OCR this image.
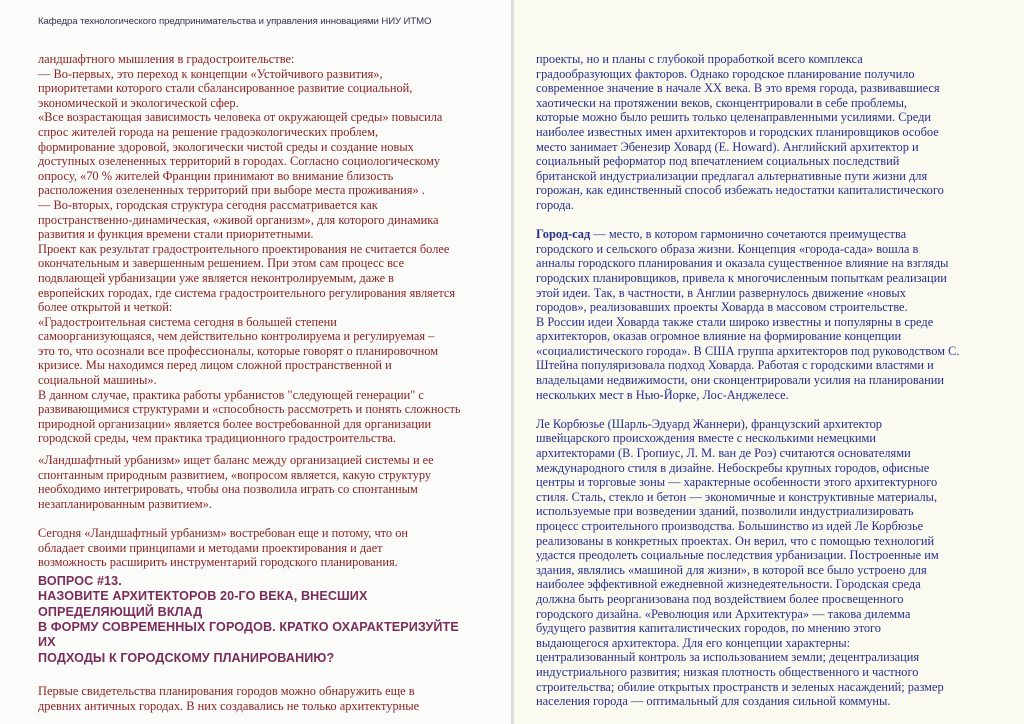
Кафедра технологического предпринимательства и управления инновациями НИУ ИТМО

ландшафтного мышления в градостроительстве:

— Во-первых, это переход к концепции «Устойчивого развития»,

приоритетами которого стали сбалансированное развитие социальной,

экономической и экологической сфер.

«Все возрастающая зависимость человека от окружающей среды» повысила

спрос жителей города на решение градоэкологических проблем,

формирование здоровой, экологически чистой среды и создание новых

доступных озелененных территорий в городах. Согласно социологическому

опросу, «70 % жителей Франции принимают во внимание близость

расположения озелененных территорий при выборе места проживания» .

— Во-вторых, городская структура сегодня рассматривается как

пространственно-динамическая, «живой организм», для которого динамика

развития и функция времени стали приоритетными.

Проект как результат градостроительного проектирования не считается более

окончательным и завершенным решением. При этом сам процесс все

подвлающей урбанизации уже является неконтролируемым, даже в

европейских городах, где система градостроительного регулирования является

более открытой и четкой:

«Градостроительная система сегодня в большей степени

самоорганизующаяся, чем действительно контролируема и регулируемая –

это то, что осознали все профессионалы, которые говорят о планировочном

кризисе. Мы находимся перед лицом сложной пространственной и

социальной машины».

В данном случае, практика работы урбанистов "следующей генерации" с

развивающимися структурами и «способность рассмотреть и понять сложность

природной организации» является более востребованной для организации

городской среды, чем практика традиционного градостроительства.

«Ландшафтный урбанизм» ищет баланс между организацией системы и ее

спонтанным природным развитием, «вопросом является, какую структуру

необходимо интегрировать, чтобы она позволила играть со спонтанным

незапланированным развитием».

Сегодня «Ландшафтный урбанизм» востребован еще и потому, что он

обладает своими принципами и методами проектирования и дает

возможность расширить инструментарий городского планирования.

ВОПРОС #13.
НАЗОВИТЕ АРХИТЕКТОРОВ 20-ГО ВЕКА, ВНЕСШИХ ОПРЕДЕЛЯЮЩИЙ ВКЛАД
В ФОРМУ СОВРЕМЕННЫХ ГОРОДОВ. КРАТКО ОХАРАКТЕРИЗУЙТЕ ИХ
ПОДХОДЫ К ГОРОДСКОМУ ПЛАНИРОВАНИЮ?

Первые свидетельства планирования городов можно обнаружить еще в

древних античных городах. В них создавались не только архитектурные

проекты, но и планы с глубокой проработкой всего комплекса

градообразующих факторов. Однако городское планирование получило

современное значение в начале XX века. В это время города, развивавшиеся

хаотически на протяжении веков, сконцентрировали в себе проблемы,

которые можно было решить только целенаправленными усилиями. Среди

наиболее известных имен архитекторов и городских планировщиков особое

место занимает Эбенезир Ховард (E. Howard). Английский архитектор и

социальный реформатор под впечатлением социальных последствий

британской индустриализации предлагал альтернативные пути жизни для

горожан, как единственный способ избежать недостатки капиталистического

города.

Город-сад — место, в котором гармонично сочетаются преимущества

городского и сельского образа жизни. Концепция «города-сада» вошла в

анналы городского планирования и оказала существенное влияние на взгляды

городских планировщиков, привела к многочисленным попыткам реализации

этой идеи. Так, в частности, в Англии развернулось движение «новых

городов», реализовавших проекты Ховарда в массовом строительстве.

В России идеи Ховарда также стали широко известны и популярны в среде

архитекторов, оказав огромное влияние на формирование концепции

«социалистического города». В США группа архитекторов под руководством С.

Штейна популяризовала подход Ховарда. Работая с городскими властями и

владельцами недвижимости, они сконцентрировали усилия на планировании

нескольких мест в Нью-Йорке, Лос-Анджелесе.

Ле Корбюзье (Шарль-Эдуард Жаннери), французский архитектор

швейцарского происхождения вместе с несколькими немецкими

архитекторами (В. Гропиус, Л. М. ван де Роэ) считаются основателями

международного стиля в дизайне. Небоскребы крупных городов, офисные

центры и торговые зоны — характерные особенности этого архитектурного

стиля. Сталь, стекло и бетон — экономичные и конструктивные материалы,

используемые при возведении зданий, позволили индустриализировать

процесс строительного производства. Большинство из идей Ле Корбюзье

реализованы в конкретных проектах. Он верил, что с помощью технологий

удастся преодолеть социальные последствия урбанизации. Построенные им

здания, являлись «машиной для жизни», в которой все было устроено для

наиболее эффективной ежедневной жизнедеятельности. Городская среда

должна быть реорганизована под воздействием более просвещенного

городского дизайна. «Революция или Архитектура» — такова дилемма

будущего развития капиталистических городов, по мнению этого

выдающегося архитектора. Для его концепции характерны:

централизованный контроль за использованием земли; децентрализация

индустриального развития; низкая плотность общественного и частного

строительства; обилие открытых пространств и зеленых насаждений; размер

населения города — оптимальный для создания сильной коммуны.
